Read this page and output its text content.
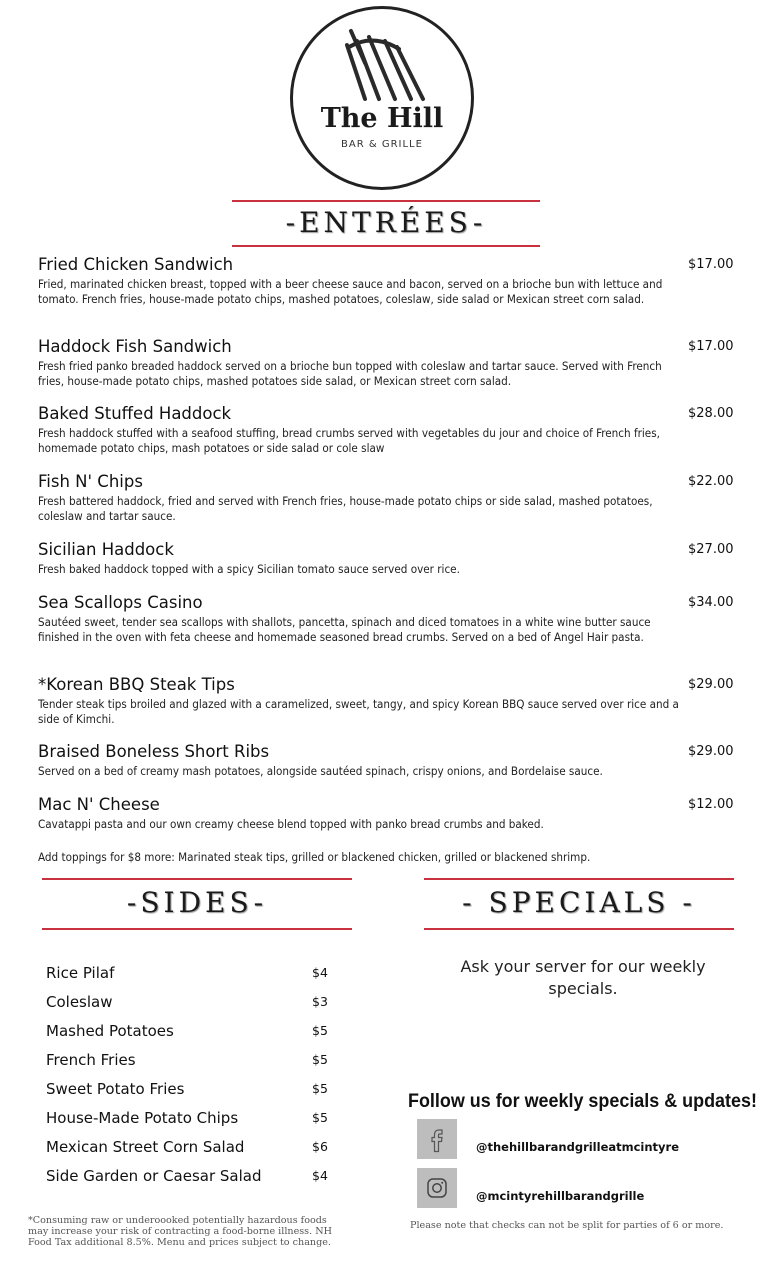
The Hill
BAR & GRILLE
-ENTRÉES-
Fried Chicken Sandwich
Fried, marinated chicken breast, topped with a beer cheese sauce and bacon, served on a brioche bun with lettuce and tomato. French fries, house-made potato chips, mashed potatoes, coleslaw, side salad or Mexican street corn salad.
$17.00
Haddock Fish Sandwich
Fresh fried panko breaded haddock served on a brioche bun topped with coleslaw and tartar sauce. Served with French fries, house-made potato chips, mashed potatoes side salad, or Mexican street corn salad.
$17.00
Baked Stuffed Haddock
Fresh haddock stuffed with a seafood stuffing, bread crumbs served with vegetables du jour and choice of French fries, homemade potato chips, mash potatoes or side salad or cole slaw
$28.00
Fish N' Chips
Fresh battered haddock, fried and served with French fries, house-made potato chips or side salad, mashed potatoes, coleslaw and tartar sauce.
$22.00
Sicilian Haddock
Fresh baked haddock topped with a spicy Sicilian tomato sauce served over rice.
$27.00
Sea Scallops Casino
Sautéed sweet, tender sea scallops with shallots, pancetta, spinach and diced tomatoes in a white wine butter sauce finished in the oven with feta cheese and homemade seasoned bread crumbs. Served on a bed of Angel Hair pasta.
$34.00
*Korean BBQ Steak Tips
Tender steak tips broiled and glazed with a caramelized, sweet, tangy, and spicy Korean BBQ sauce served over rice and a side of Kimchi.
$29.00
Braised Boneless Short Ribs
Served on a bed of creamy mash potatoes, alongside sautéed spinach, crispy onions, and Bordelaise sauce.
$29.00
Mac N' Cheese
Cavatappi pasta and our own creamy cheese blend topped with panko bread crumbs and baked.
$12.00
Add toppings for $8 more: Marinated steak tips, grilled or blackened chicken, grilled or blackened shrimp.
-SIDES-
Rice Pilaf	$4
Coleslaw	$3
Mashed Potatoes	$5
French Fries	$5
Sweet Potato Fries	$5
House-Made Potato Chips	$5
Mexican Street Corn Salad	$6
Side Garden or Caesar Salad	$4
- SPECIALS -
Ask your server for our weekly specials.
Follow us for weekly specials & updates!
@thehillbarandgrilleatmcintyre
@mcintyrehillbarandgrille
*Consuming raw or underoooked potentially hazardous foods may increase your risk of contracting a food-borne illness. NH Food Tax additional 8.5%. Menu and prices subject to change.
Please note that checks can not be split for parties of 6 or more.
